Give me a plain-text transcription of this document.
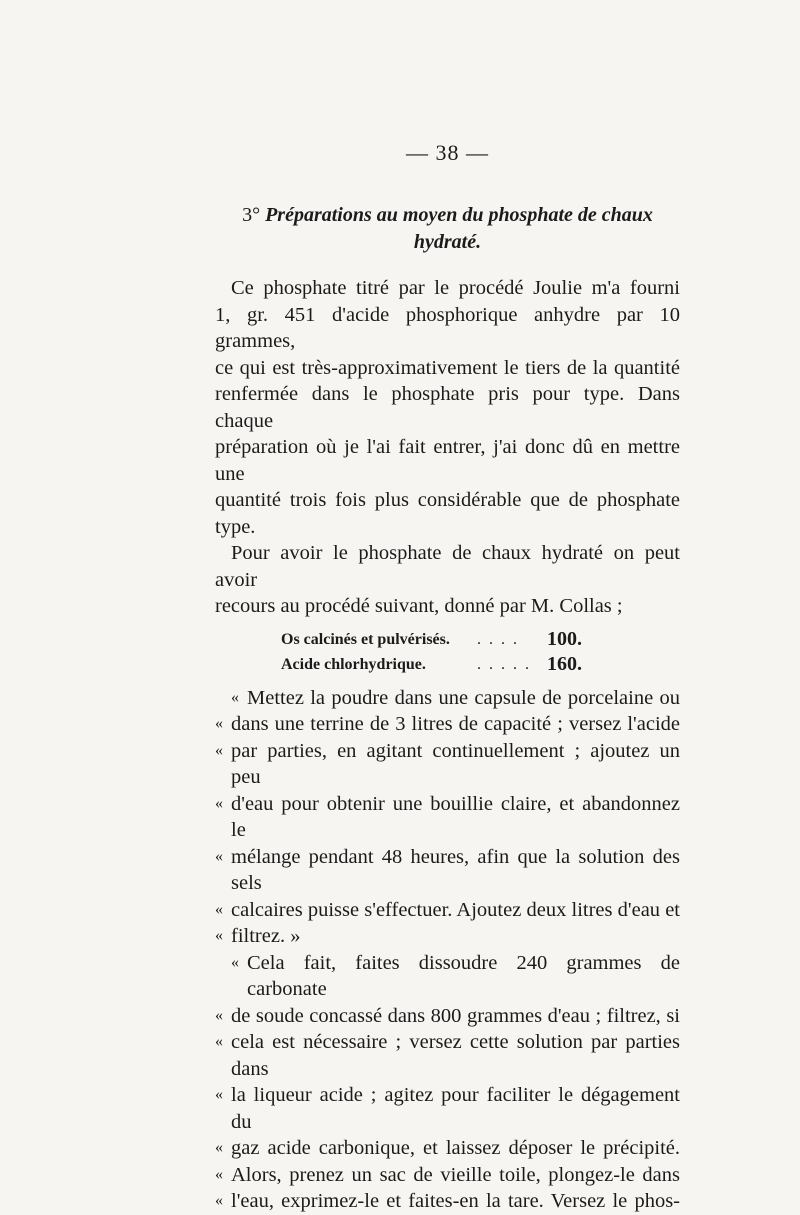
— 38 —
3° Préparations au moyen du phosphate de chaux
hydraté.

Ce phosphate titré par le procédé Joulie m'a fourni

1, gr. 451 d'acide phosphorique anhydre par 10 grammes,

ce qui est très-approximativement le tiers de la quantité

renfermée dans le phosphate pris pour type. Dans chaque

préparation où je l'ai fait entrer, j'ai donc dû en mettre une

quantité trois fois plus considérable que de phosphate type.

Pour avoir le phosphate de chaux hydraté on peut avoir

recours au procédé suivant, donné par M. Collas ;

Os calcinés et pulvérisés.	. . . .	100.
Acide chlorhydrique.	. . . . . 160.
« Mettez la poudre dans une capsule de porcelaine ou

« dans une terrine de 3 litres de capacité ; versez l'acide

« par parties, en agitant continuellement ; ajoutez un peu

« d'eau pour obtenir une bouillie claire, et abandonnez le

« mélange pendant 48 heures, afin que la solution des sels

« calcaires puisse s'effectuer. Ajoutez deux litres d'eau et

« filtrez. »

« Cela fait, faites dissoudre 240 grammes de carbonate

« de soude concassé dans 800 grammes d'eau ; filtrez, si

« cela est nécessaire ; versez cette solution par parties dans

« la liqueur acide ; agitez pour faciliter le dégagement du

« gaz acide carbonique, et laissez déposer le précipité.

« Alors, prenez un sac de vieille toile, plongez-le dans

« l'eau, exprimez-le et faites-en la tare. Versez le phos-
